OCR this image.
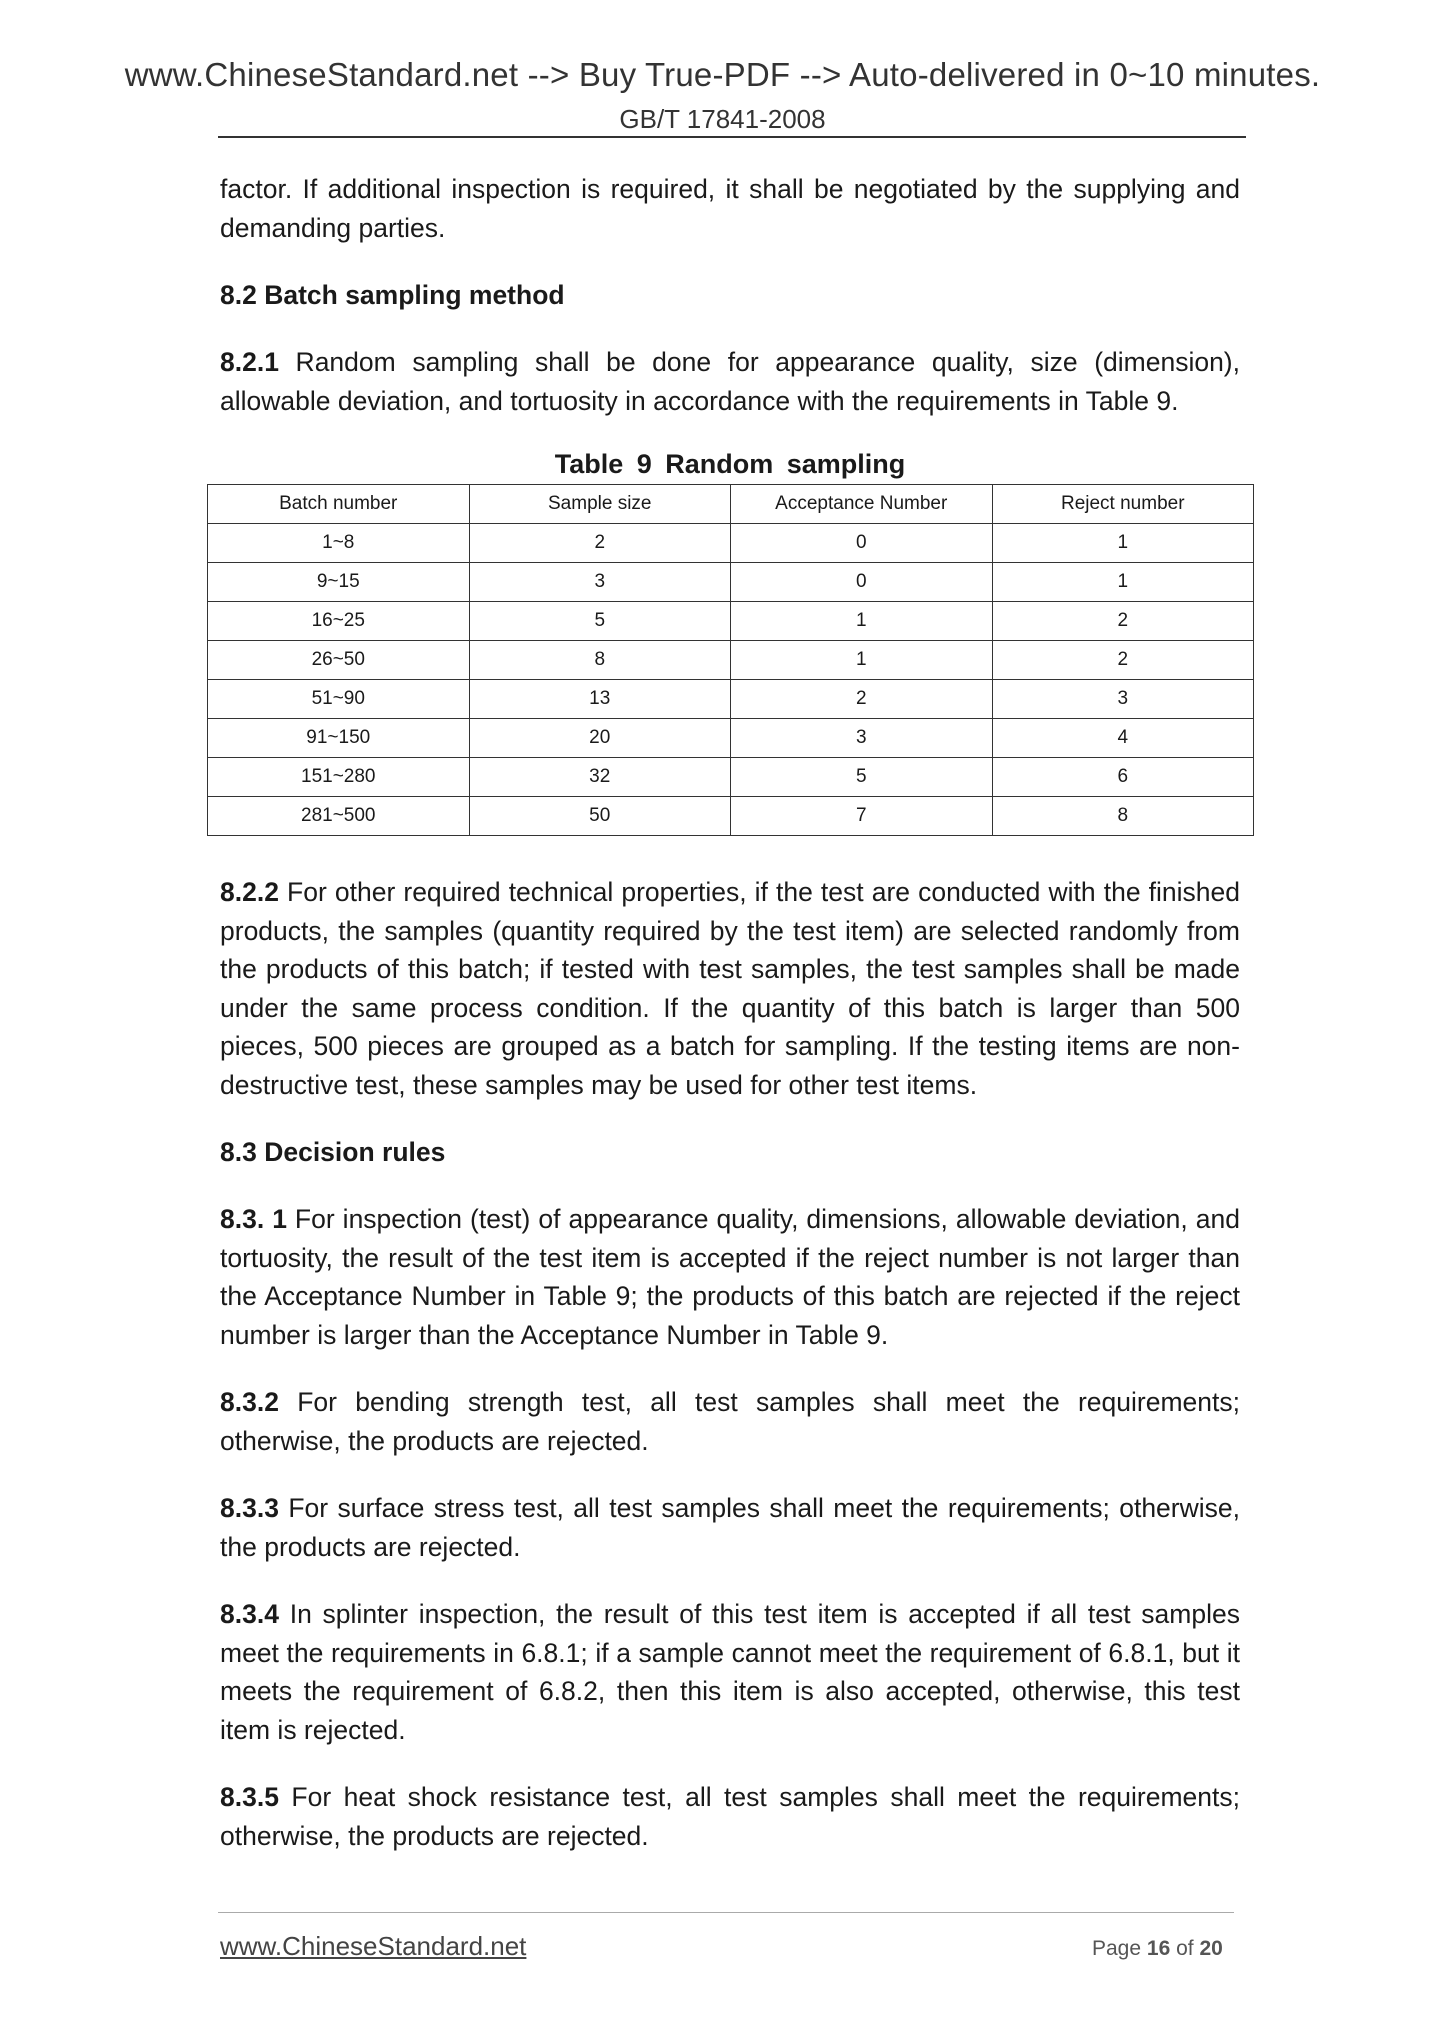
www.ChineseStandard.net --> Buy True-PDF --> Auto-delivered in 0~10 minutes.
GB/T 17841-2008

factor. If additional inspection is required, it shall be negotiated by the supplying and demanding parties.

8.2 Batch sampling method

8.2.1 Random sampling shall be done for appearance quality, size (dimension), allowable deviation, and tortuosity in accordance with the requirements in Table 9.

Table 9 Random sampling
Batch number	Sample size	Acceptance Number	Reject number
1~8	2	0	1
9~15	3	0	1
16~25	5	1	2
26~50	8	1	2
51~90	13	2	3
91~150	20	3	4
151~280	32	5	6
281~500	50	7	8

8.2.2 For other required technical properties, if the test are conducted with the finished products, the samples (quantity required by the test item) are selected randomly from the products of this batch; if tested with test samples, the test samples shall be made under the same process condition. If the quantity of this batch is larger than 500 pieces, 500 pieces are grouped as a batch for sampling. If the testing items are non-destructive test, these samples may be used for other test items.

8.3 Decision rules

8.3. 1 For inspection (test) of appearance quality, dimensions, allowable deviation, and tortuosity, the result of the test item is accepted if the reject number is not larger than the Acceptance Number in Table 9; the products of this batch are rejected if the reject number is larger than the Acceptance Number in Table 9.

8.3.2 For bending strength test, all test samples shall meet the requirements; otherwise, the products are rejected.

8.3.3 For surface stress test, all test samples shall meet the requirements; otherwise, the products are rejected.

8.3.4 In splinter inspection, the result of this test item is accepted if all test samples meet the requirements in 6.8.1; if a sample cannot meet the requirement of 6.8.1, but it meets the requirement of 6.8.2, then this item is also accepted, otherwise, this test item is rejected.

8.3.5 For heat shock resistance test, all test samples shall meet the requirements; otherwise, the products are rejected.

www.ChineseStandard.net	Page 16 of 20
